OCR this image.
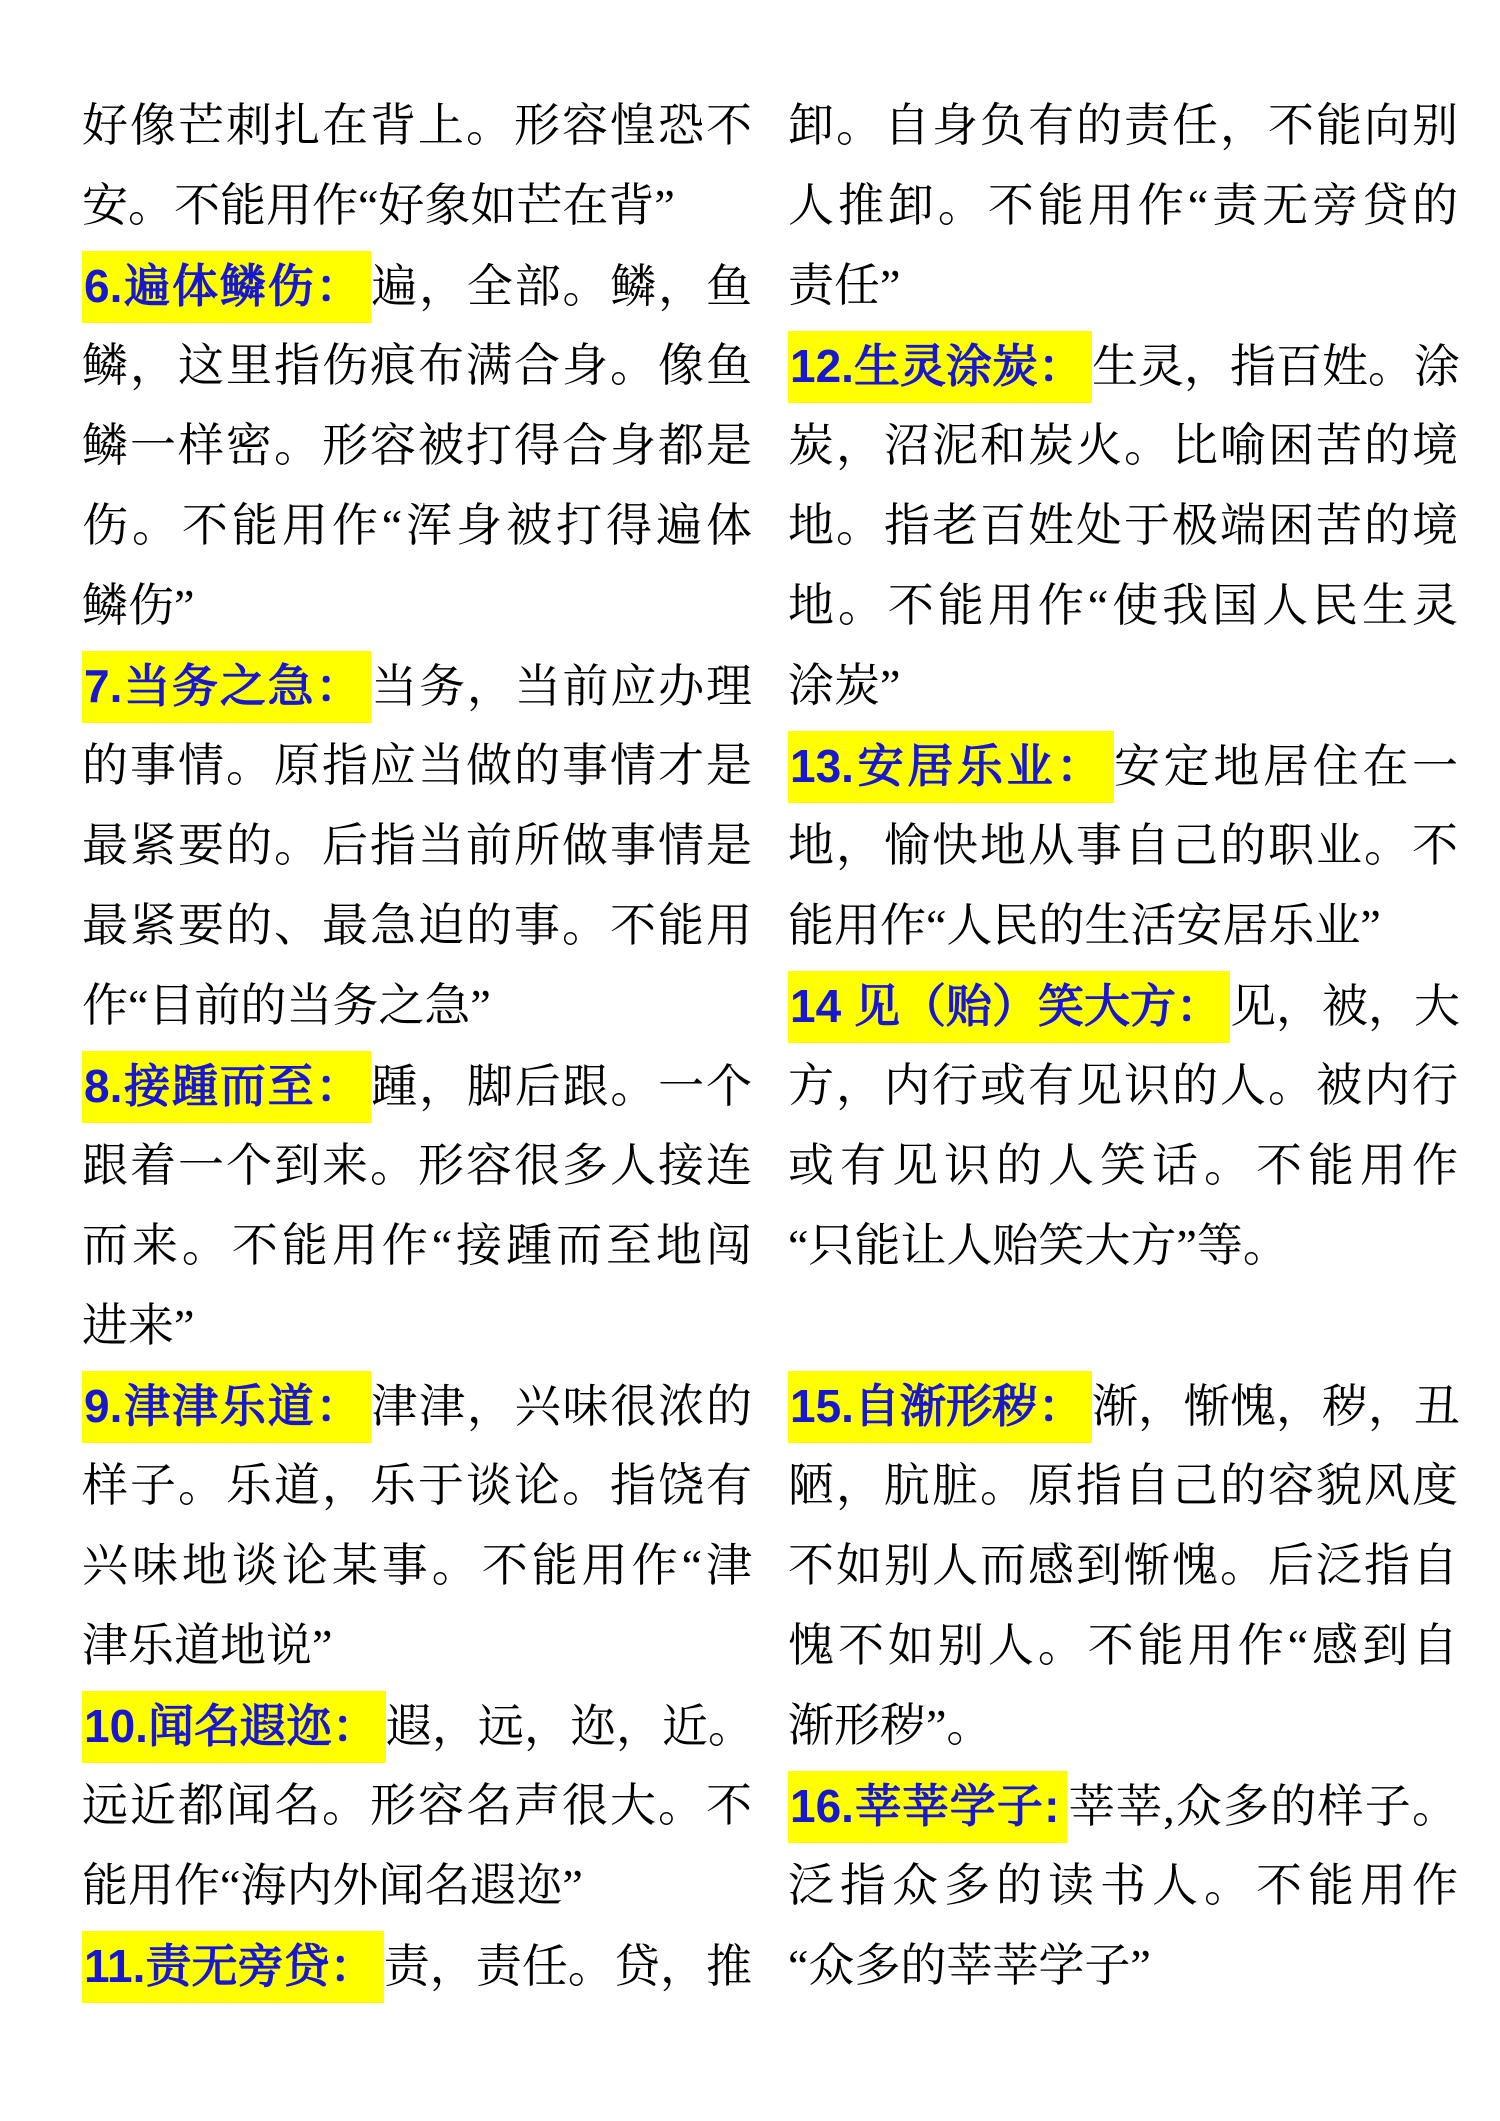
好像芒刺扎在背上。形容惶恐不
安。不能用作“好象如芒在背”
6.遍体鳞伤： 遍，全部。鳞，鱼
鳞，这里指伤痕布满合身。像鱼
鳞一样密。形容被打得合身都是
伤。不能用作“浑身被打得遍体
鳞伤”
7.当务之急： 当务，当前应办理
的事情。原指应当做的事情才是
最紧要的。后指当前所做事情是
最紧要的、最急迫的事。不能用
作“目前的当务之急”
8.接踵而至： 踵，脚后跟。一个
跟着一个到来。形容很多人接连
而来。不能用作“接踵而至地闯
进来”
9.津津乐道： 津津，兴味很浓的
样子。乐道，乐于谈论。指饶有
兴味地谈论某事。不能用作“津
津乐道地说”
10.闻名遐迩： 遐，远，迩，近。
远近都闻名。形容名声很大。不
能用作“海内外闻名遐迩”
11.责无旁贷： 责，责任。贷，推
卸。自身负有的责任，不能向别
人推卸。不能用作“责无旁贷的
责任”
12.生灵涂炭： 生灵，指百姓。涂
炭，沼泥和炭火。比喻困苦的境
地。指老百姓处于极端困苦的境
地。不能用作“使我国人民生灵
涂炭”
13.安居乐业： 安定地居住在一
地，愉快地从事自己的职业。不
能用作“人民的生活安居乐业”
14 见（贻）笑大方： 见，被，大
方，内行或有见识的人。被内行
或有见识的人笑话。不能用作
“只能让人贻笑大方”等。

15.自渐形秽： 渐，惭愧，秽，丑
陋，肮脏。原指自己的容貌风度
不如别人而感到惭愧。后泛指自
愧不如别人。不能用作“感到自
渐形秽”。
16.莘莘学子: 莘莘,众多的样子。
泛指众多的读书人。不能用作
“众多的莘莘学子”
